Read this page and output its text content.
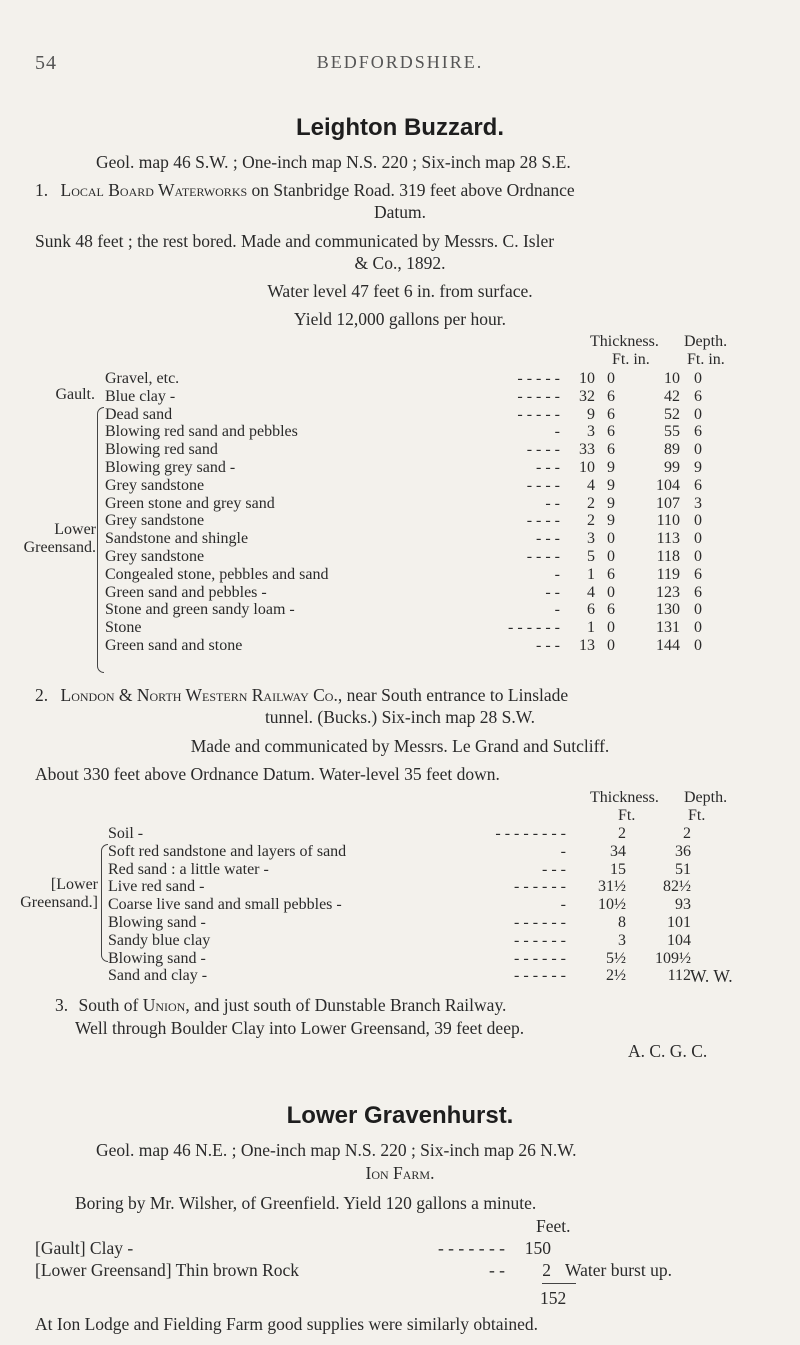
54	BEDFORDSHIRE.
Leighton Buzzard.
Geol. map 46 S.W. ; One-inch map N.S. 220 ; Six-inch map 28 S.E.
1. Local Board Waterworks on Stanbridge Road. 319 feet above Ordnance
Datum.
Sunk 48 feet ; the rest bored. Made and communicated by Messrs. C. Isler
& Co., 1892.
Water level 47 feet 6 in. from surface.
Yield 12,000 gallons per hour.
Thickness. Depth.
Ft. in. Ft. in.
Gault.
Lower
Greensand.
Gravel, etc.	- - - - -	10 0	10 0
Blue clay -	- - - - -	32 6	42 6
Dead sand	- - - - -	9 6	52 0
Blowing red sand and pebbles	-	3 6	55 6
Blowing red sand	- - - -	33 6	89 0
Blowing grey sand -	- - -	10 9	99 9
Grey sandstone	- - - -	4 9	104 6
Green stone and grey sand	- -	2 9	107 3
Grey sandstone	- - - -	2 9	110 0
Sandstone and shingle	- - -	3 0	113 0
Grey sandstone	- - - -	5 0	118 0
Congealed stone, pebbles and sand	-	1 6	119 6
Green sand and pebbles -	- -	4 0	123 6
Stone and green sandy loam -	-	6 6	130 0
Stone	- - - - - -	1 0	131 0
Green sand and stone	- - -	13 0	144 0
2. London & North Western Railway Co., near South entrance to Linslade
tunnel. (Bucks.) Six-inch map 28 S.W.
Made and communicated by Messrs. Le Grand and Sutcliff.
About 330 feet above Ordnance Datum. Water-level 35 feet down.
Thickness. Depth.
Ft.	Ft.
[Lower
Greensand.]
Soil -	- - - - - - - -	2	2
Soft red sandstone and layers of sand	-	34	36
Red sand : a little water -	- - -	15	51
Live red sand -	- - - - - -	31½	82½
Coarse live sand and small pebbles -	-	10½	93
Blowing sand -	- - - - - -	8	101
Sandy blue clay	- - - - - -	3	104
Blowing sand -	- - - - - -	5½	109½
Sand and clay -	- - - - - -	2½	112 W. W.
3. South of Union, and just south of Dunstable Branch Railway.
Well through Boulder Clay into Lower Greensand, 39 feet deep.
A. C. G. C.
Lower Gravenhurst.
Geol. map 46 N.E. ; One-inch map N.S. 220 ; Six-inch map 26 N.W.
Ion Farm.
Boring by Mr. Wilsher, of Greenfield. Yield 120 gallons a minute.
Feet.
[Gault] Clay -	- - - - - - -	150
[Lower Greensand] Thin brown Rock	- -	2 Water burst up.
152
At Ion Lodge and Fielding Farm good supplies were similarly obtained.
